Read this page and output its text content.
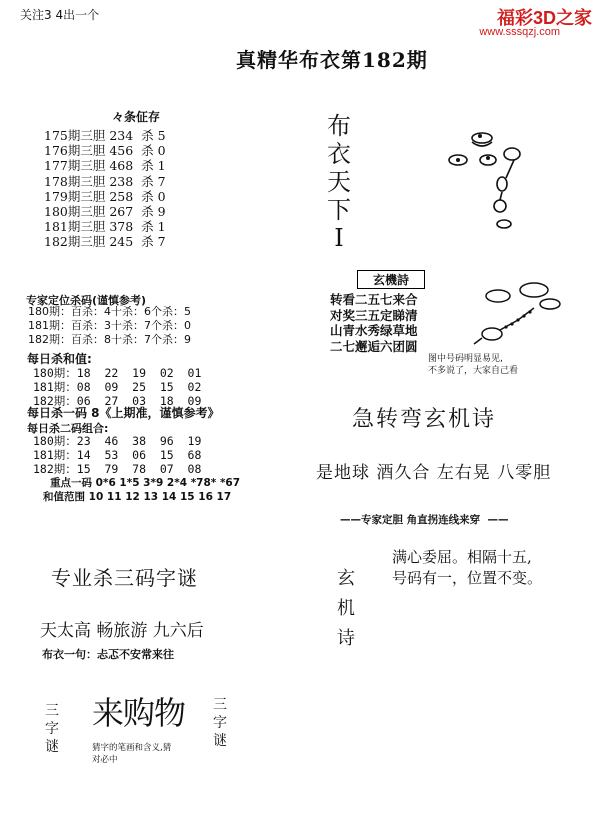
关注3 4出一个	福彩3D之家
www.sssqzj.com
真精华布衣第182期
々条佂存
175期三胆 234  杀 5
176期三胆 456  杀 0
177期三胆 468  杀 1
178期三胆 238  杀 7
179期三胆 258  杀 0
180期三胆 267  杀 9
181期三胆 378  杀 1
182期三胆 245  杀 7
专家定位杀码(谨慎参考)
180期：百杀：4十杀：6个杀：5
181期：百杀：3十杀：7个杀：0
182期：百杀：8十杀：7个杀：9
每日杀和值:
180期：18  22  19  02  01
181期：08  09  25  15  02
182期：06  27  03  18  09
每日杀一码 8《上期准，谨慎参考》
每日杀二码组合:
180期：23  46  38  96  19
181期：14  53  06  15  68
182期：15  79  78  07  08
重点一码 0*6 1*5 3*9 2*4 *78* *67
和值范围 10 11 12 13 14 15 16 17
布
衣
天
下
I
玄機詩
转看二五七来合
对奖三五定睇清
山青水秀绿草地
二七邂逅六团圆
图中号码明显易见,
不多说了，大家自己看
急转弯玄机诗
是地球 酒久合 左右晃 八零胆
——专家定胆 角直拐连线来穿  ——
玄
机
诗
满心委屈。相隔十五,
号码有一，位置不变。
专业杀三码字谜
天太高 畅旅游 九六后
布衣一句：忐忑不安常来往
三
字
谜
来购物 三
字
谜
猜字的笔画和含义,猜
对必中
